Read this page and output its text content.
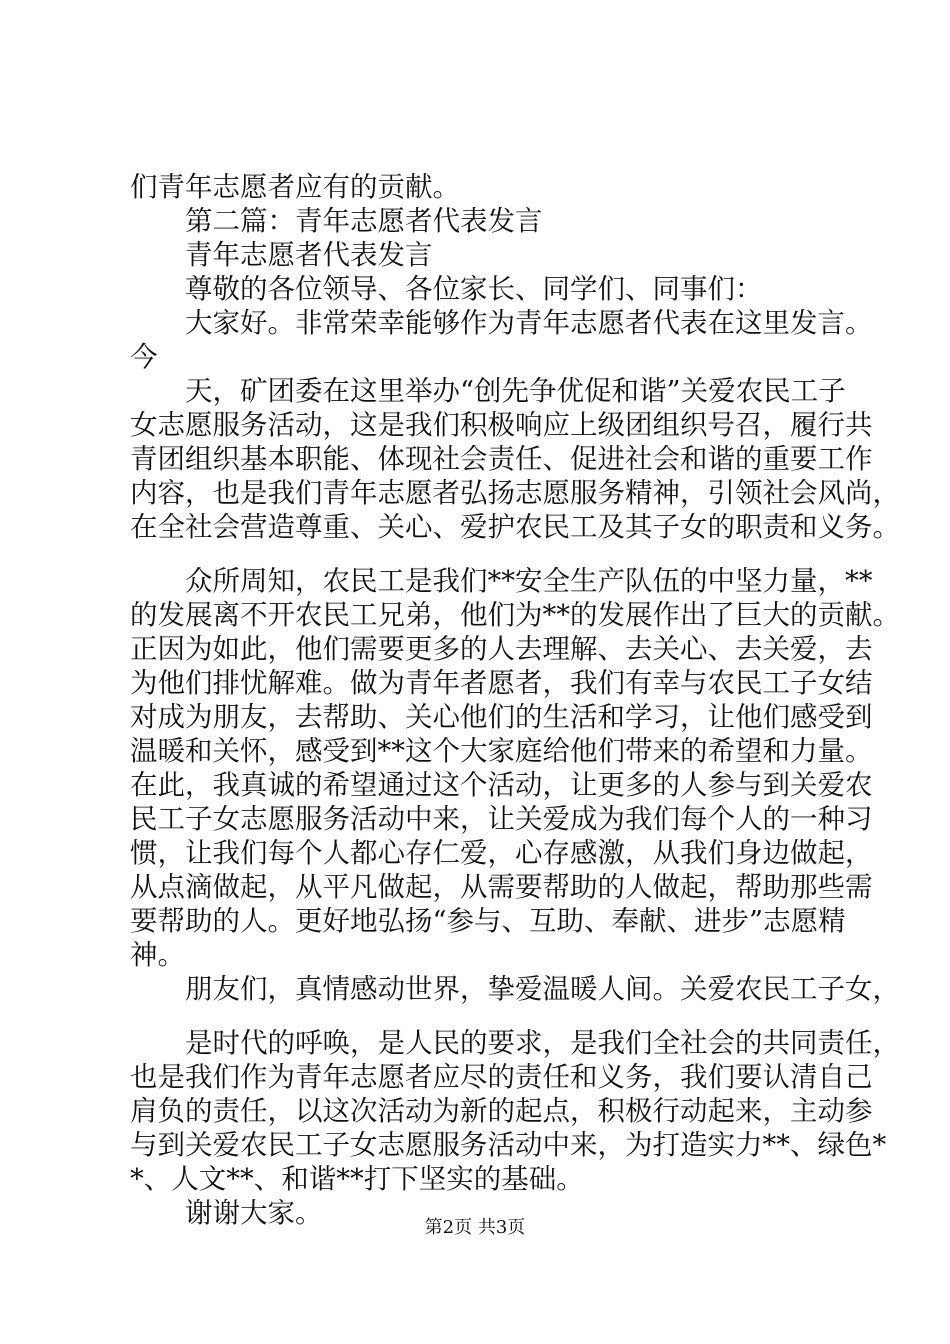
们青年志愿者应有的贡献。

第二篇：青年志愿者代表发言

青年志愿者代表发言

尊敬的各位领导、各位家长、同学们、同事们：

大家好。非常荣幸能够作为青年志愿者代表在这里发言。

今

天，矿团委在这里举办“创先争优促和谐”关爱农民工子

女志愿服务活动，这是我们积极响应上级团组织号召，履行共

青团组织基本职能、体现社会责任、促进社会和谐的重要工作

内容，也是我们青年志愿者弘扬志愿服务精神，引领社会风尚，

在全社会营造尊重、关心、爱护农民工及其子女的职责和义务。

众所周知，农民工是我们**安全生产队伍的中坚力量，**

的发展离不开农民工兄弟，他们为**的发展作出了巨大的贡献。

正因为如此，他们需要更多的人去理解、去关心、去关爱，去

为他们排忧解难。做为青年者愿者，我们有幸与农民工子女结

对成为朋友，去帮助、关心他们的生活和学习，让他们感受到

温暖和关怀，感受到**这个大家庭给他们带来的希望和力量。

在此，我真诚的希望通过这个活动，让更多的人参与到关爱农

民工子女志愿服务活动中来，让关爱成为我们每个人的一种习

惯，让我们每个人都心存仁爱，心存感激，从我们身边做起，

从点滴做起，从平凡做起，从需要帮助的人做起，帮助那些需

要帮助的人。更好地弘扬“参与、互助、奉献、进步”志愿精

神。

朋友们，真情感动世界，挚爱温暖人间。关爱农民工子女，

是时代的呼唤，是人民的要求，是我们全社会的共同责任，

也是我们作为青年志愿者应尽的责任和义务，我们要认清自己

肩负的责任，以这次活动为新的起点，积极行动起来，主动参

与到关爱农民工子女志愿服务活动中来，为打造实力**、绿色*

*、人文**、和谐**打下坚实的基础。

谢谢大家。	第2页 共3页
